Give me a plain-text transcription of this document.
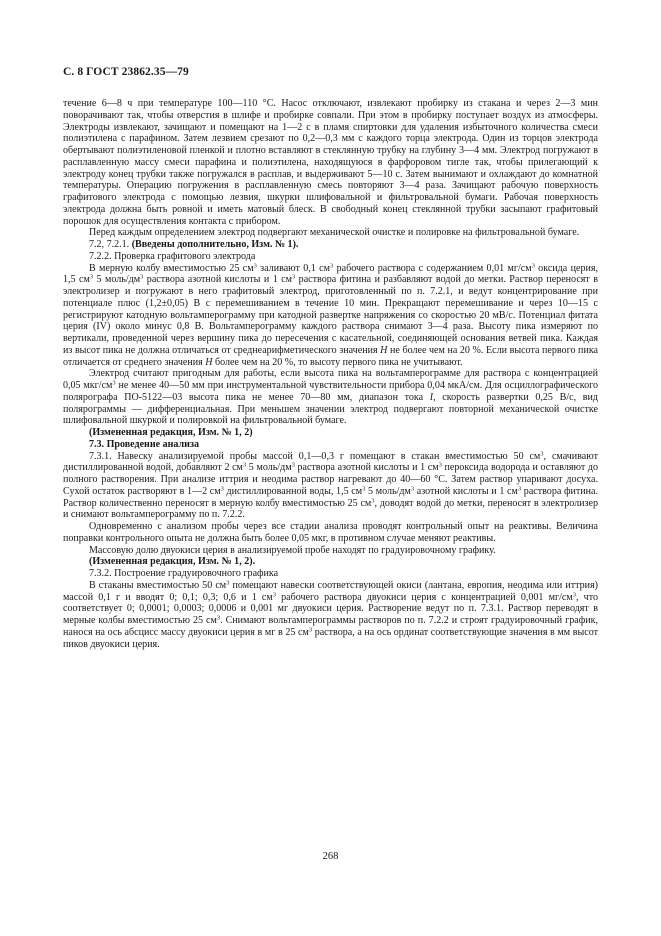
С. 8 ГОСТ 23862.35—79

течение 6—8 ч при температуре 100—110 °С. Насос отключают, извлекают пробирку из стакана и через 2—3 мин поворачивают так, чтобы отверстия в шлифе и пробирке совпали. При этом в пробирку поступает воздух из атмосферы. Электроды извлекают, зачищают и помещают на 1—2 с в пламя спиртовки для удаления избыточного количества смеси полиэтилена с парафином. Затем лезвием срезают по 0,2—0,3 мм с каждого торца электрода. Один из торцов электрода обертывают полиэтиленовой пленкой и плотно вставляют в стеклянную трубку на глубину 3—4 мм. Электрод погружают в расплавленную массу смеси парафина и полиэтилена, находящуюся в фарфоровом тигле так, чтобы прилегающий к электроду конец трубки также погружался в расплав, и выдерживают 5—10 с. Затем вынимают и охлаждают до комнатной температуры. Операцию погружения в расплавленную смесь повторяют 3—4 раза. Зачищают рабочую поверхность графитового электрода с помощью лезвия, шкурки шлифовальной и фильтровальной бумаги. Рабочая поверхность электрода должна быть ровной и иметь матовый блеск. В свободный конец стеклянной трубки засыпают графитовый порошок для осуществления контакта с прибором.

Перед каждым определением электрод подвергают механической очистке и полировке на фильтровальной бумаге.

7.2, 7.2.1. (Введены дополнительно, Изм. № 1).

7.2.2. Проверка графитового электрода

В мерную колбу вместимостью 25 $см^3$ заливают 0,1 $см^3$ рабочего раствора с содержанием 0,01 $мг/см^3$ оксида церия, 1,5 $см^3$ 5 моль/$дм^3$ раствора азотной кислоты и 1 $см^3$ раствора фитина и разбавляют водой до метки. Раствор переносят в электролизер и погружают в него графитовый электрод, приготовленный по п. 7.2.1, и ведут концентрирование при потенциале плюс (1,2±0,05) В с перемешиванием в течение 10 мин. Прекращают перемешивание и через 10—15 с регистрируют катодную вольтамперограмму при катодной развертке напряжения со скоростью 20 мВ/с. Потенциал фитата церия (IV) около минус 0,8 В. Вольтамперограмму каждого раствора снимают 3—4 раза. Высоту пика измеряют по вертикали, проведенной через вершину пика до пересечения с касательной, соединяющей основания ветвей пика. Каждая из высот пика не должна отличаться от среднеарифметического значения Н не более чем на 20 %. Если высота первого пика отличается от среднего значения Н более чем на 20 %, то высоту первого пика не учитывают.

Электрод считают пригодным для работы, если высота пика на вольтамперограмме для раствора с концентрацией 0,05 мкг/$см^3$ не менее 40—50 мм при инструментальной чувствительности прибора 0,04 мкА/см. Для осциллографического полярографа ПО-5122—03 высота пика не менее 70—80 мм, диапазон тока I, скорость развертки 0,25 В/с, вид полярограммы — дифференциальная. При меньшем значении электрод подвергают повторной механической очистке шлифовальной шкуркой и полировкой на фильтровальной бумаге.

(Измененная редакция, Изм. № 1, 2)

7.3. Проведение анализа

7.3.1. Навеску анализируемой пробы массой 0,1—0,3 г помещают в стакан вместимостью 50 $см^3$, смачивают дистиллированной водой, добавляют 2 $см^3$ 5 моль/$дм^3$ раствора азотной кислоты и 1 $см^3$ пероксида водорода и оставляют до полного растворения. При анализе иттрия и неодима раствор нагревают до 40—60 °С. Затем раствор упаривают досуха. Сухой остаток растворяют в 1—2 $см^3$ дистиллированной воды, 1,5 $см^3$ 5 моль/$дм^3$ азотной кислоты и 1 $см^3$ раствора фитина. Раствор количественно переносят в мерную колбу вместимостью 25 $см^3$, доводят водой до метки, переносят в электролизер и снимают вольтамперограмму по п. 7.2.2.

Одновременно с анализом пробы через все стадии анализа проводят контрольный опыт на реактивы. Величина поправки контрольного опыта не должна быть более 0,05 мкг, в противном случае меняют реактивы.

Массовую долю двуокиси церия в анализируемой пробе находят по градуировочному графику.

(Измененная редакция, Изм. № 1, 2).

7.3.2. Построение градуировочного графика

В стаканы вместимостью 50 $см^3$ помещают навески соответствующей окиси (лантана, европия, неодима или иттрия) массой 0,1 г и вводят 0; 0,1; 0,3; 0,6 и 1 $см^3$ рабочего раствора двуокиси церия с концентрацией 0,001 $мг/см^3$, что соответствует 0; 0,0001; 0,0003; 0,0006 и 0,001 мг двуокиси церия. Растворение ведут по п. 7.3.1. Раствор переводят в мерные колбы вместимостью 25 $см^3$. Снимают вольтамперограммы растворов по п. 7.2.2 и строят градуировочный график, нанося на ось абсцисс массу двуокиси церия в мг в 25 $см^3$ раствора, а на ось ординат соответствующие значения в мм высот пиков двуокиси церия.

268
